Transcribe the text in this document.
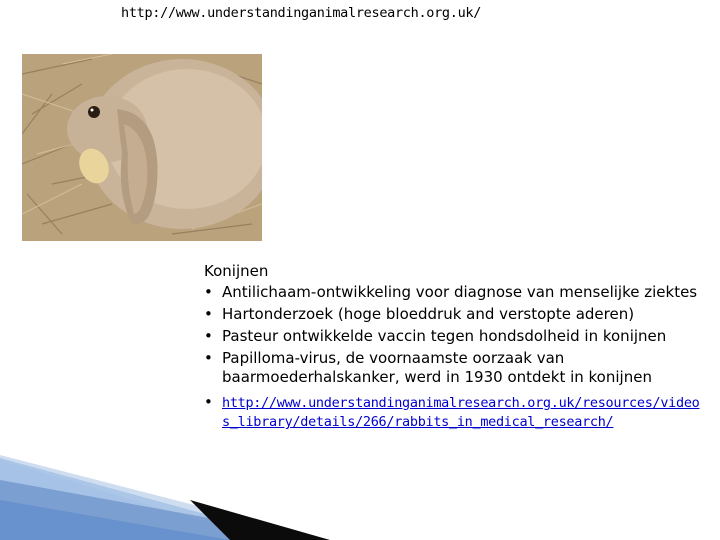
http://www.understandinganimalresearch.org.uk/
Konijnen
• Antilichaam-ontwikkeling voor diagnose van menselijke ziektes
• Hartonderzoek (hoge bloeddruk and verstopte aderen)
• Pasteur ontwikkelde vaccin tegen hondsdolheid in konijnen
• Papilloma-virus, de voornaamste oorzaak van baarmoederhalskanker, werd in 1930 ontdekt in konijnen
• http://www.understandinganimalresearch.org.uk/resources/videos_library/details/266/rabbits_in_medical_research/
